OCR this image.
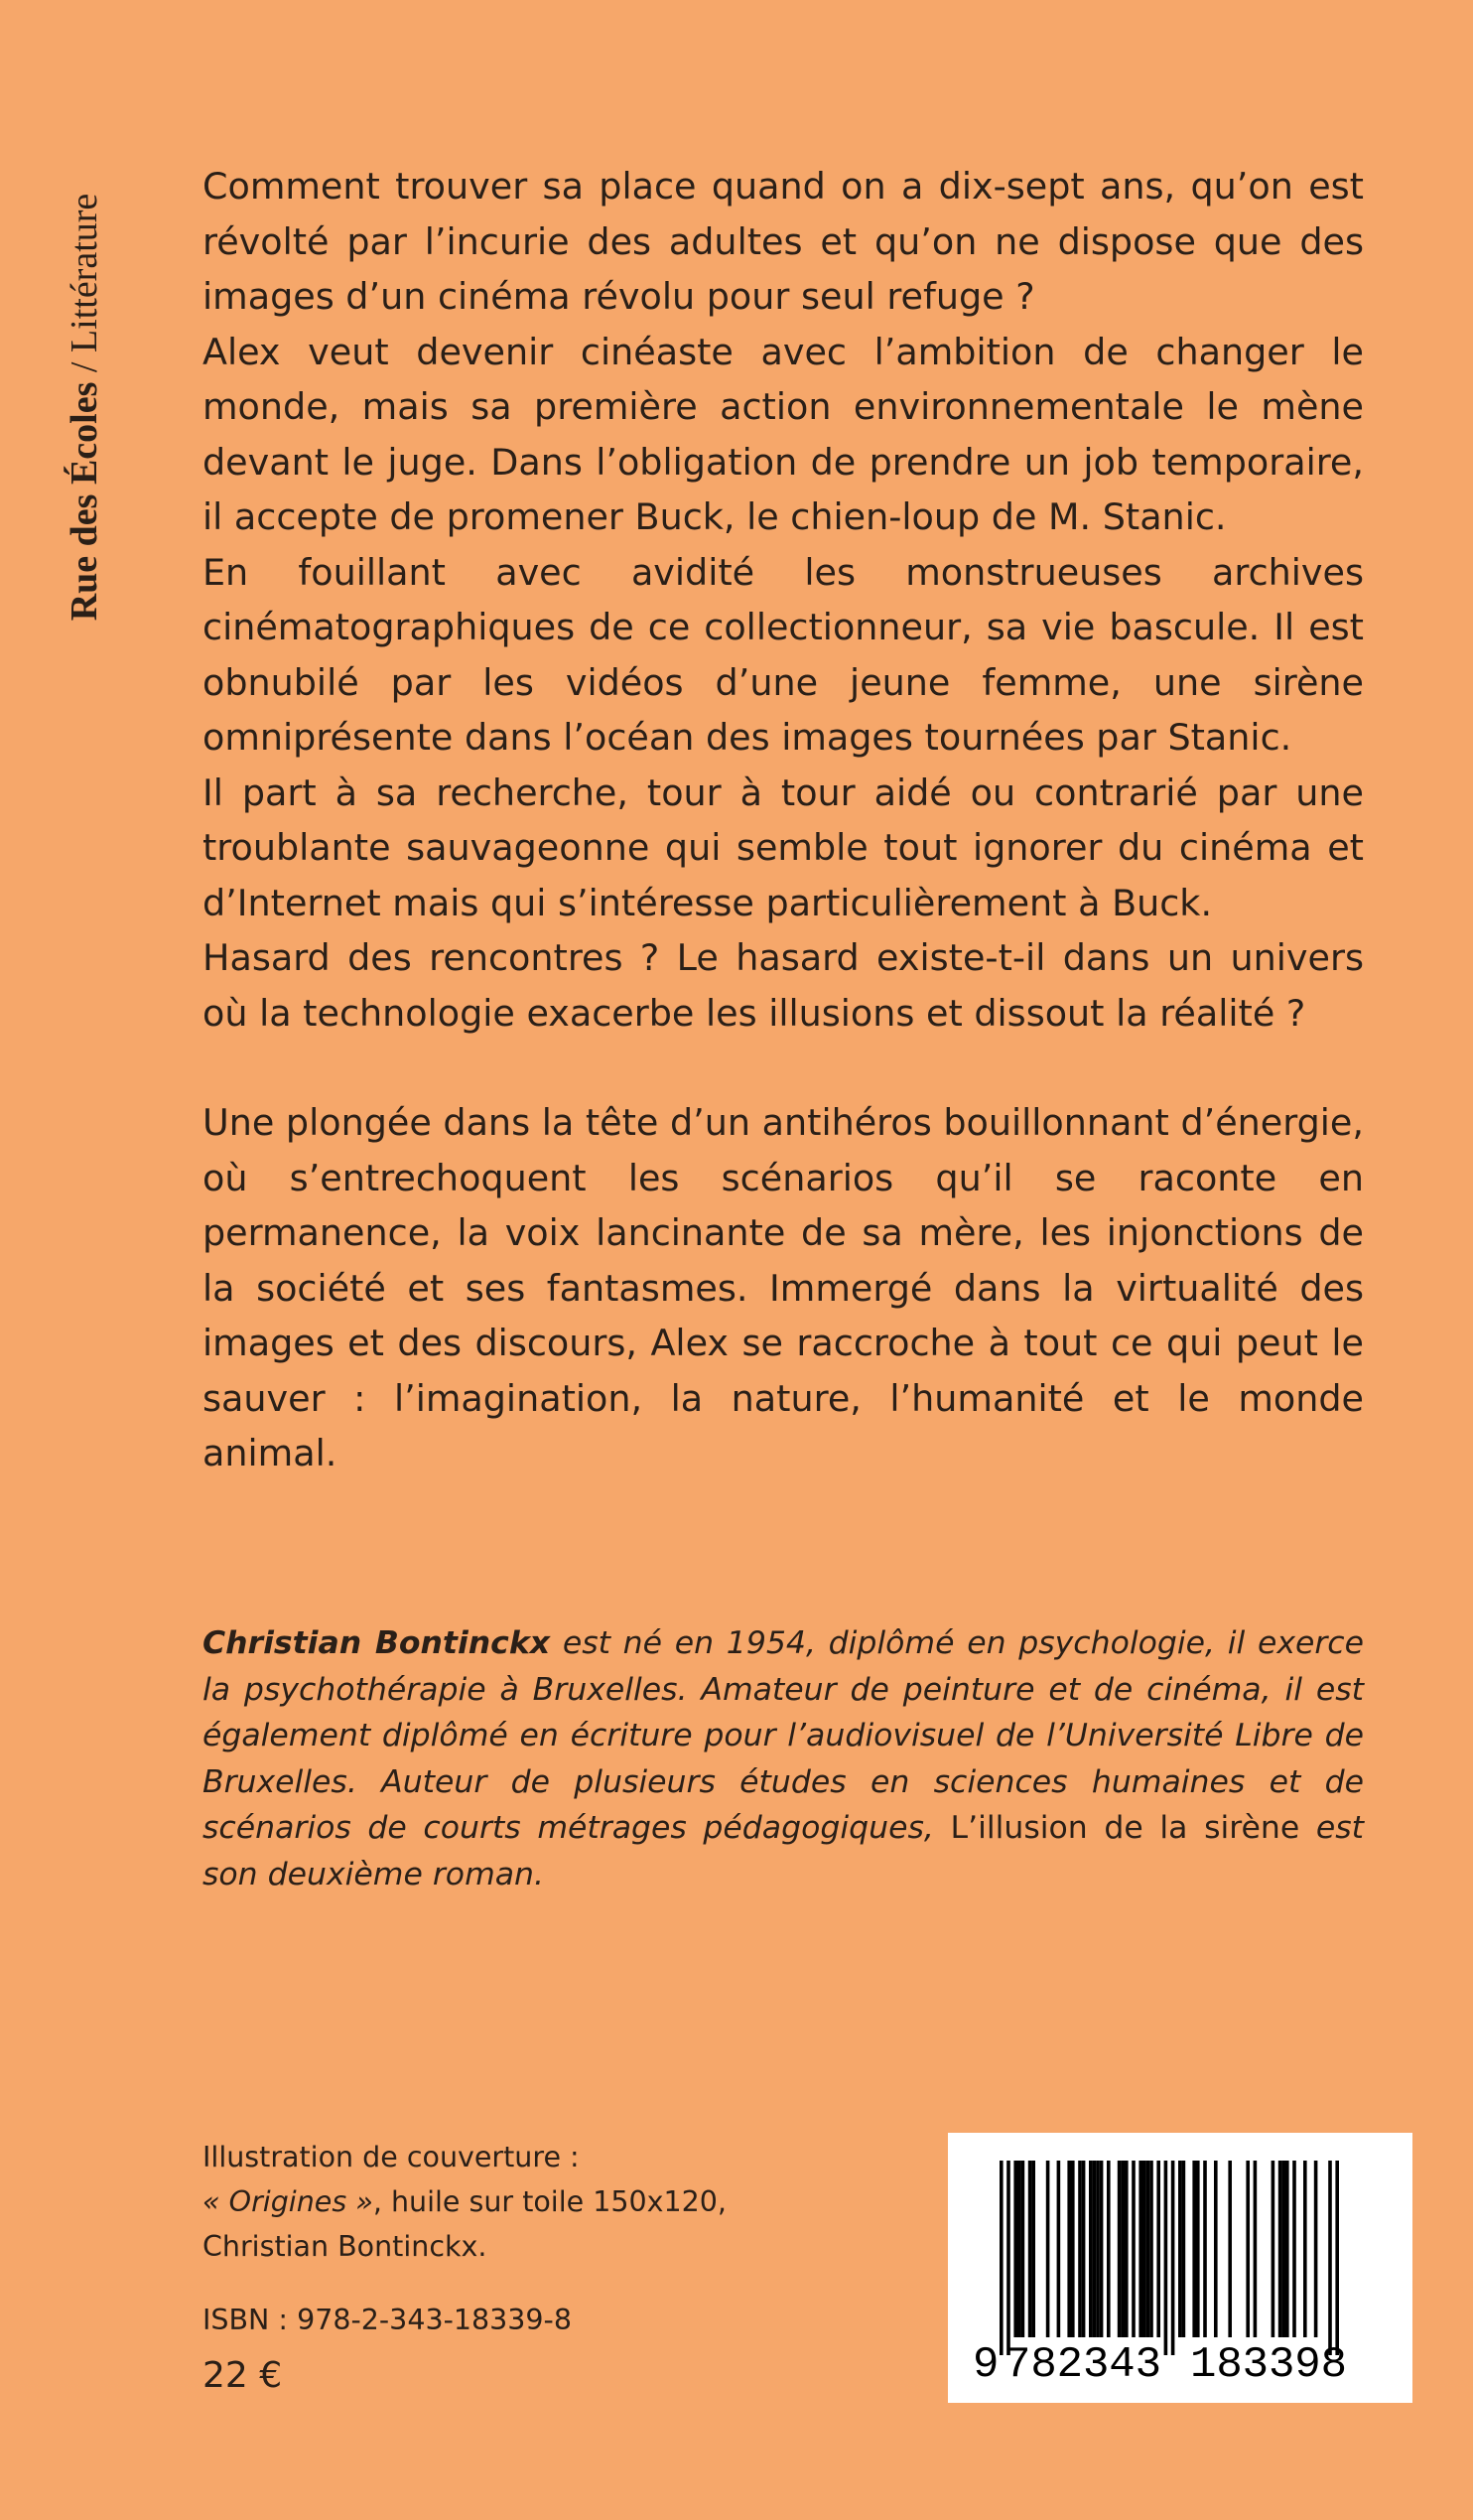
Rue des Écoles / Littérature

Comment trouver sa place quand on a dix-sept ans, qu’on est révolté par l’incurie des adultes et qu’on ne dispose que des images d’un cinéma révolu pour seul refuge ?

Alex veut devenir cinéaste avec l’ambition de changer le monde, mais sa première action environnementale le mène devant le juge. Dans l’obligation de prendre un job temporaire, il accepte de promener Buck, le chien-loup de M. Stanic.

En fouillant avec avidité les monstrueuses archives cinématographiques de ce collectionneur, sa vie bascule. Il est obnubilé par les vidéos d’une jeune femme, une sirène omniprésente dans l’océan des images tournées par Stanic.

Il part à sa recherche, tour à tour aidé ou contrarié par une troublante sauvageonne qui semble tout ignorer du cinéma et d’Internet mais qui s’intéresse particulièrement à Buck.

Hasard des rencontres ? Le hasard existe-t-il dans un univers où la technologie exacerbe les illusions et dissout la réalité ?

Une plongée dans la tête d’un antihéros bouillonnant d’énergie, où s’entrechoquent les scénarios qu’il se raconte en permanence, la voix lancinante de sa mère, les injonctions de la société et ses fantasmes. Immergé dans la virtualité des images et des discours, Alex se raccroche à tout ce qui peut le sauver : l’imagination, la nature, l’humanité et le monde animal.

Christian Bontinckx est né en 1954, diplômé en psychologie, il exerce la psychothérapie à Bruxelles. Amateur de peinture et de cinéma, il est également diplômé en écriture pour l’audiovisuel de l’Université Libre de Bruxelles. Auteur de plusieurs études en sciences humaines et de scénarios de courts métrages pédagogiques, L’illusion de la sirène est son deuxième roman.
Illustration de couverture :
« Origines », huile sur toile 150x120,
Christian Bontinckx.
ISBN : 978-2-343-18339-8
22 €	9 782343 183398
